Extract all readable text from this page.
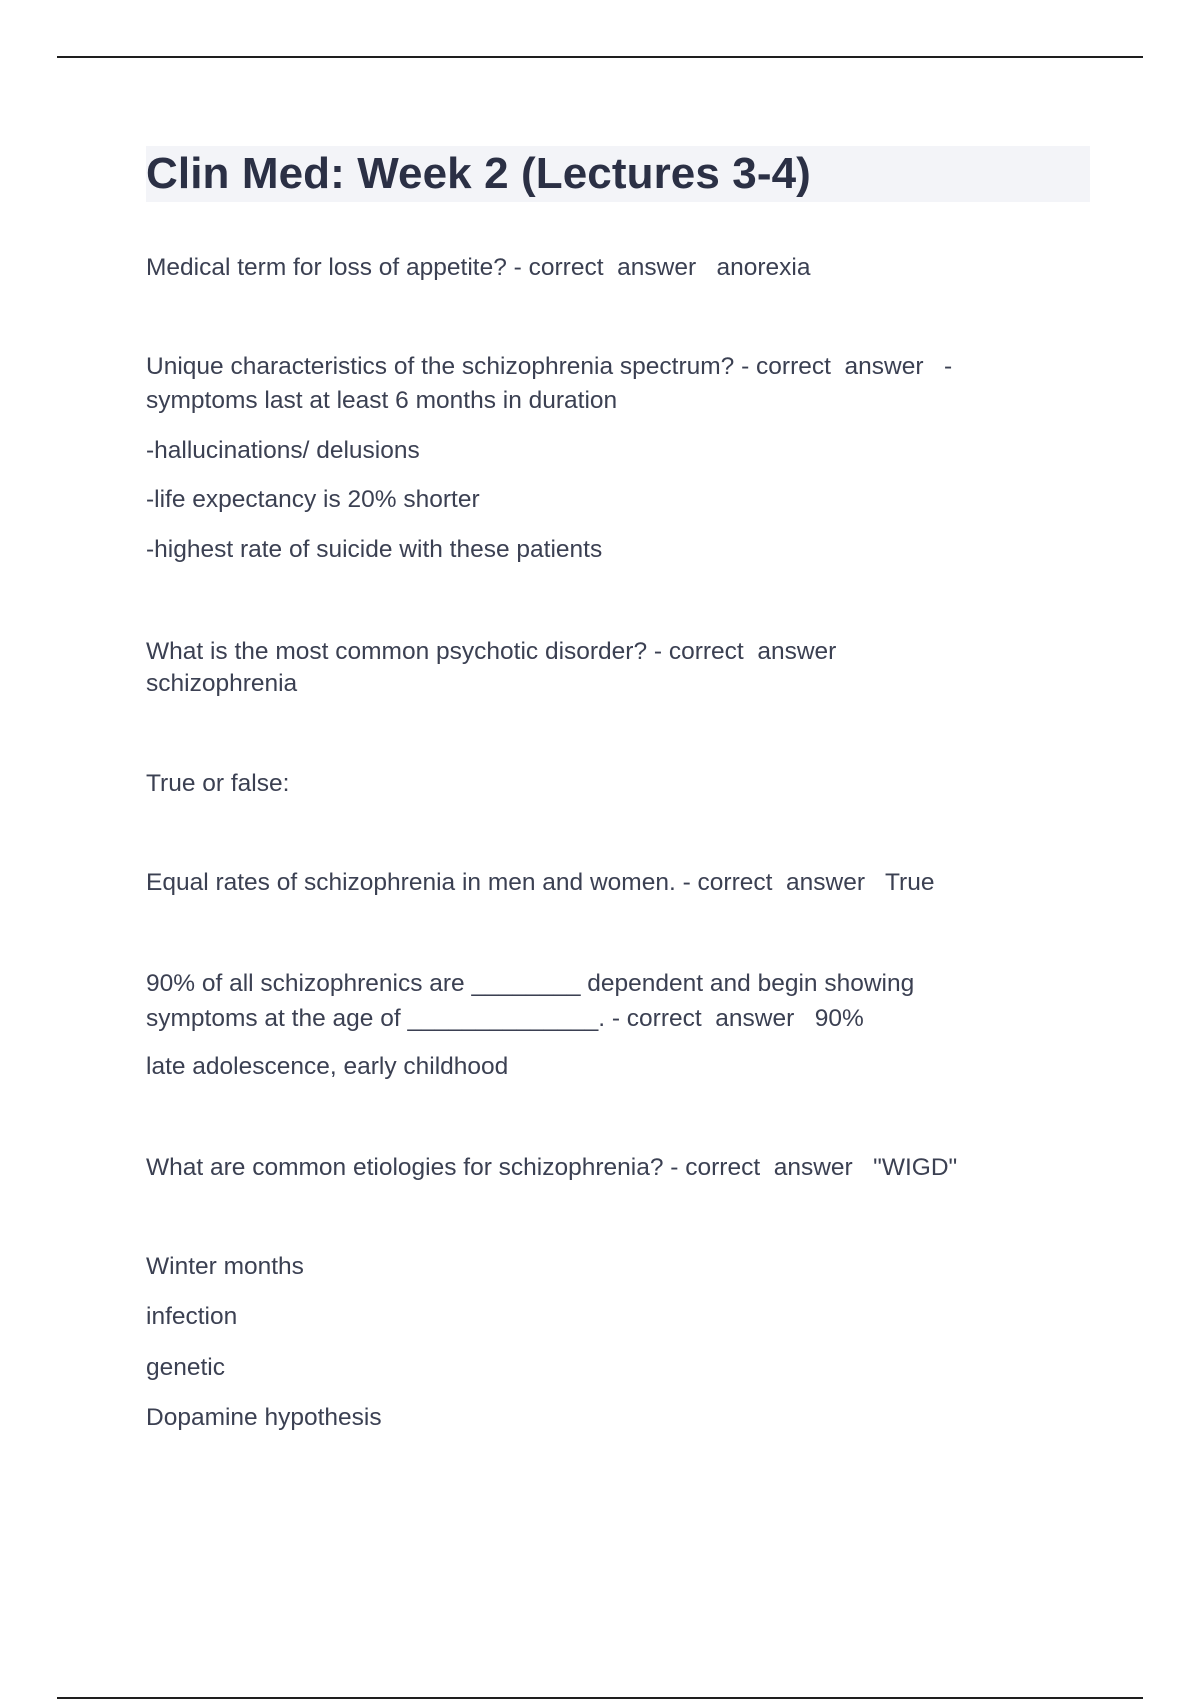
Clin Med: Week 2 (Lectures 3-4)
Medical term for loss of appetite? - correct  answer   anorexia
Unique characteristics of the schizophrenia spectrum? - correct  answer   -
symptoms last at least 6 months in duration
-hallucinations/ delusions
-life expectancy is 20% shorter
-highest rate of suicide with these patients
What is the most common psychotic disorder? - correct  answer
schizophrenia
True or false:
Equal rates of schizophrenia in men and women. - correct  answer   True
90% of all schizophrenics are ________ dependent and begin showing
symptoms at the age of ______________. - correct  answer   90%
late adolescence, early childhood
What are common etiologies for schizophrenia? - correct  answer   "WIGD"
Winter months
infection
genetic
Dopamine hypothesis
